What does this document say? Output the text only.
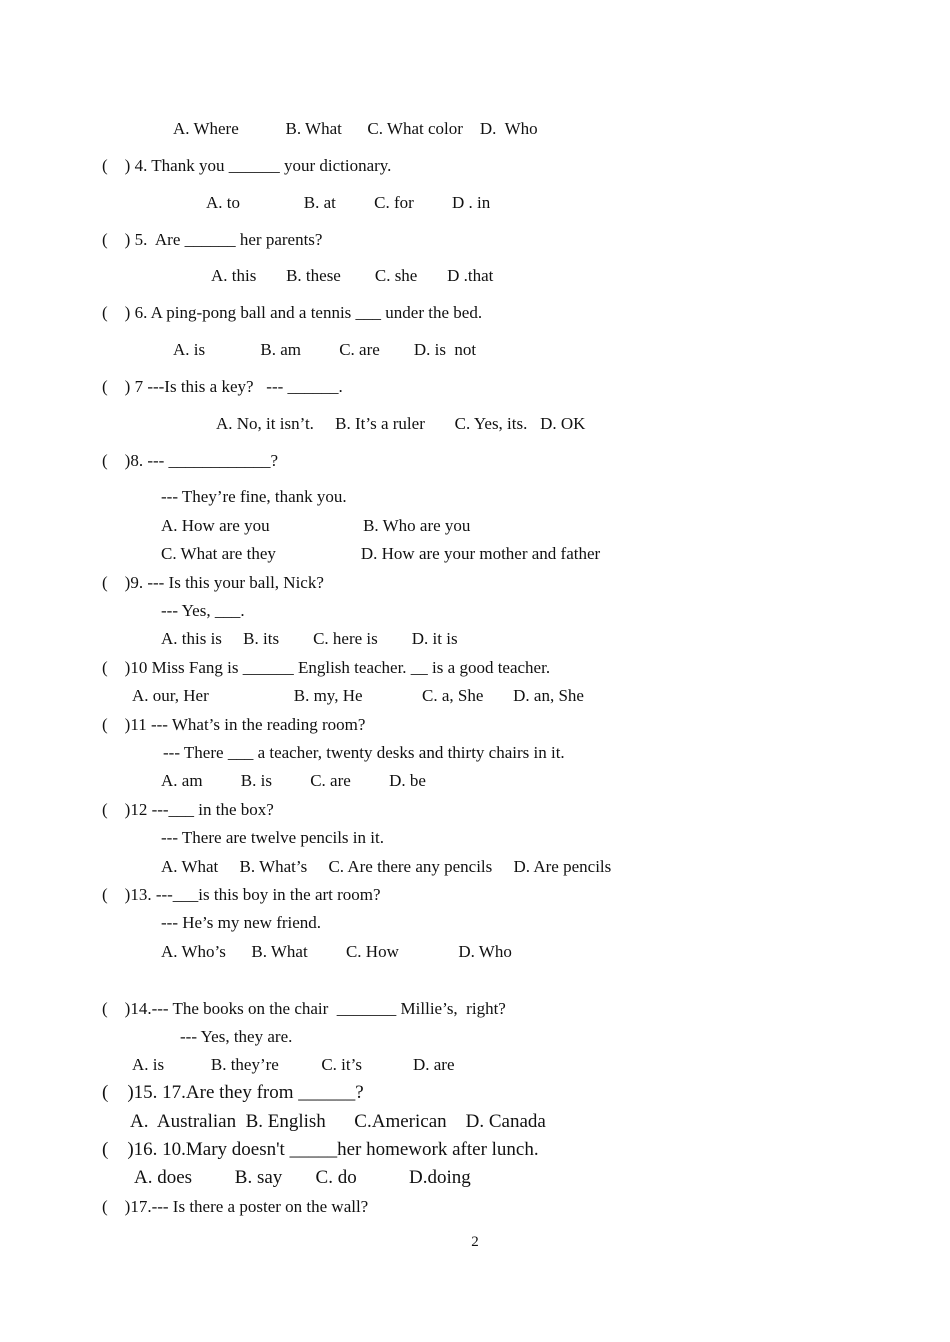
A. Where           B. What      C. What color    D.  Who
(    ) 4. Thank you ______ your dictionary.
A. to               B. at         C. for         D . in
(    ) 5.  Are ______ her parents?
A. this       B. these        C. she       D .that
(    ) 6. A ping-pong ball and a tennis ___ under the bed.
A. is             B. am         C. are        D. is  not
(    ) 7 ---Is this a key?   --- ______.
A. No, it isn’t.     B. It’s a ruler       C. Yes, its.   D. OK
(    )8. --- ____________?
--- They’re fine, thank you.
A. How are you                      B. Who are you
C. What are they                    D. How are your mother and father
(    )9. --- Is this your ball, Nick?
--- Yes, ___.
A. this is     B. its        C. here is        D. it is
(    )10 Miss Fang is ______ English teacher. __ is a good teacher.
A. our, Her                    B. my, He              C. a, She       D. an, She
(    )11 --- What’s in the reading room?
--- There ___ a teacher, twenty desks and thirty chairs in it.
A. am         B. is         C. are         D. be
(    )12 ---___ in the box?
--- There are twelve pencils in it.
A. What     B. What’s     C. Are there any pencils     D. Are pencils
(    )13. ---___is this boy in the art room?
--- He’s my new friend.
A. Who’s      B. What         C. How              D. Who
(    )14.--- The books on the chair  _______ Millie’s,  right?
--- Yes, they are.
A. is           B. they’re          C. it’s            D. are
(    )15. 17.Are they from ______?
A.  Australian  B. English      C.American    D. Canada
(    )16. 10.Mary doesn't _____her homework after lunch.
A. does         B. say       C. do           D.doing
(    )17.--- Is there a poster on the wall?
2
